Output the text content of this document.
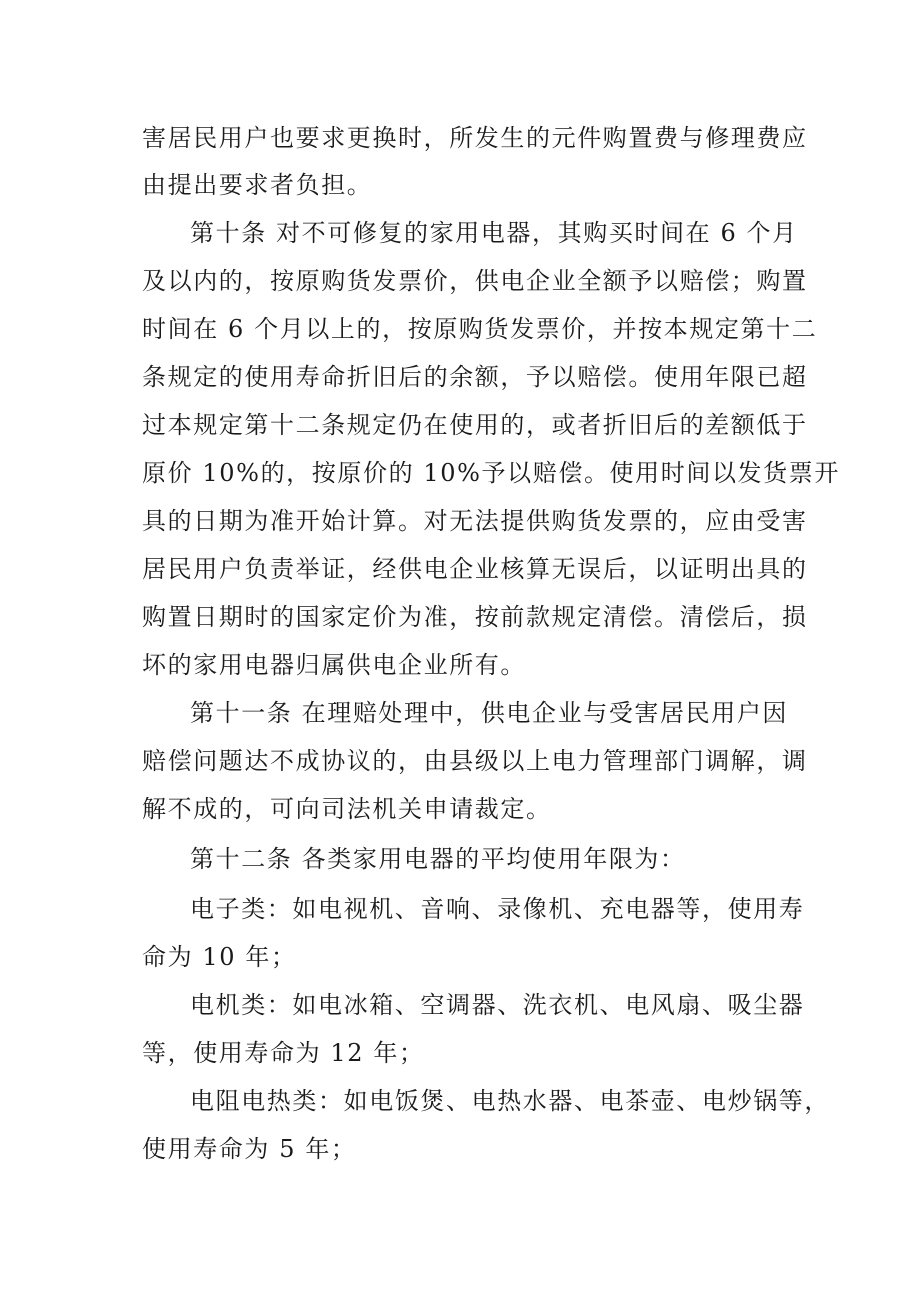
害居民用户也要求更换时，所发生的元件购置费与修理费应
由提出要求者负担。
第十条 对不可修复的家用电器，其购买时间在 6 个月
及以内的，按原购货发票价，供电企业全额予以赔偿；购置
时间在 6 个月以上的，按原购货发票价，并按本规定第十二
条规定的使用寿命折旧后的余额，予以赔偿。使用年限已超
过本规定第十二条规定仍在使用的，或者折旧后的差额低于
原价 10%的，按原价的 10%予以赔偿。使用时间以发货票开
具的日期为准开始计算。对无法提供购货发票的，应由受害
居民用户负责举证，经供电企业核算无误后，以证明出具的
购置日期时的国家定价为准，按前款规定清偿。清偿后，损
坏的家用电器归属供电企业所有。
第十一条 在理赔处理中，供电企业与受害居民用户因
赔偿问题达不成协议的，由县级以上电力管理部门调解，调
解不成的，可向司法机关申请裁定。
第十二条 各类家用电器的平均使用年限为：
电子类：如电视机、音响、录像机、充电器等，使用寿
命为 10 年；
电机类：如电冰箱、空调器、洗衣机、电风扇、吸尘器
等，使用寿命为 12 年；
电阻电热类：如电饭煲、电热水器、电茶壶、电炒锅等，
使用寿命为 5 年；
